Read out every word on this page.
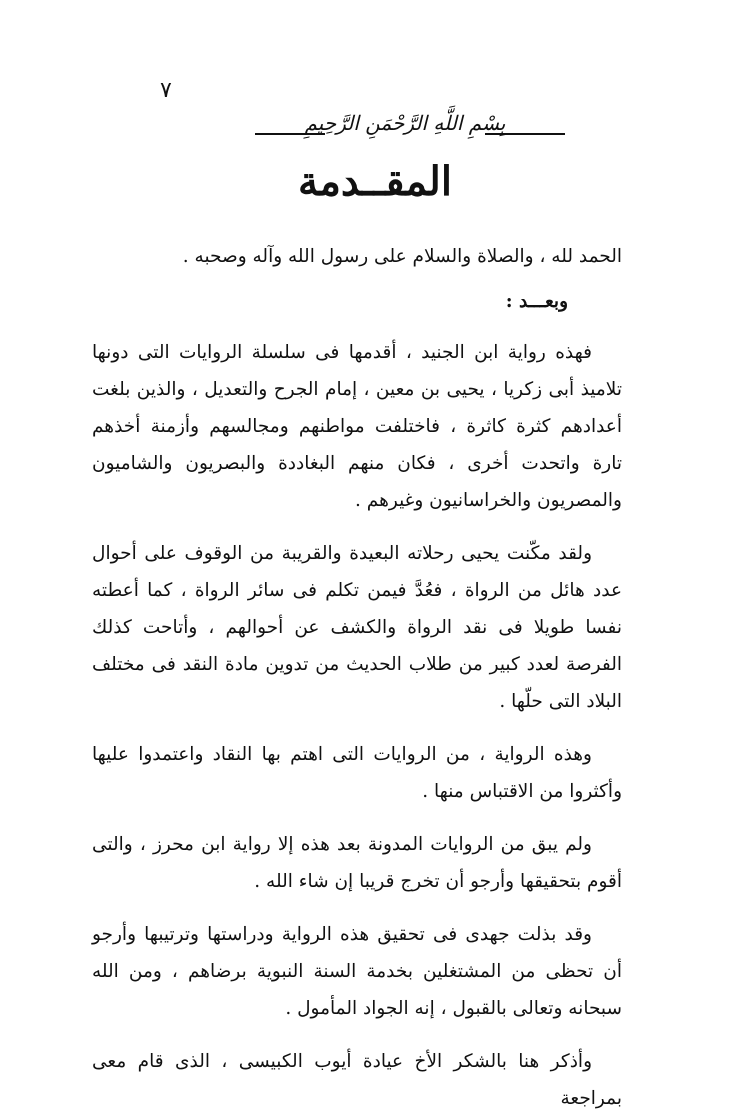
٧
بِسْمِ اللَّهِ الرَّحْمَنِ الرَّحِيمِ
المقــدمة

الحمد لله ، والصلاة والسلام على رسول الله وآله وصحبه .

وبعـــد :

فهذه رواية ابن الجنيد ، أقدمها فى سلسلة الروايات التى دونها تلاميذ أبى زكريا ، يحيى بن معين ، إمام الجرح والتعديل ، والذين بلغت أعدادهم كثرة كاثرة ، فاختلفت مواطنهم ومجالسهم وأزمنة أخذهم تارة واتحدت أخرى ، فكان منهم البغاددة والبصريون والشاميون والمصريون والخراسانيون وغيرهم .

ولقد مكّنت يحيى رحلاته البعيدة والقريبة من الوقوف على أحوال عدد هائل من الرواة ، فعُدَّ فيمن تكلم فى سائر الرواة ، كما أعطته نفسا طويلا فى نقد الرواة والكشف عن أحوالهم ، وأتاحت كذلك الفرصة لعدد كبير من طلاب الحديث من تدوين مادة النقد فى مختلف البلاد التى حلّها .

وهذه الرواية ، من الروايات التى اهتم بها النقاد واعتمدوا عليها وأكثروا من الاقتباس منها .

ولم يبق من الروايات المدونة بعد هذه إلا رواية ابن محرز ، والتى أقوم بتحقيقها وأرجو أن تخرج قريبا إن شاء الله .

وقد بذلت جهدى فى تحقيق هذه الرواية ودراستها وترتيبها وأرجو أن تحظى من المشتغلين بخدمة السنة النبوية برضاهم ، ومن الله سبحانه وتعالى بالقبول ، إنه الجواد المأمول .

وأذكر هنا بالشكر الأخ عيادة أيوب الكبيسى ، الذى قام معى بمراجعة
